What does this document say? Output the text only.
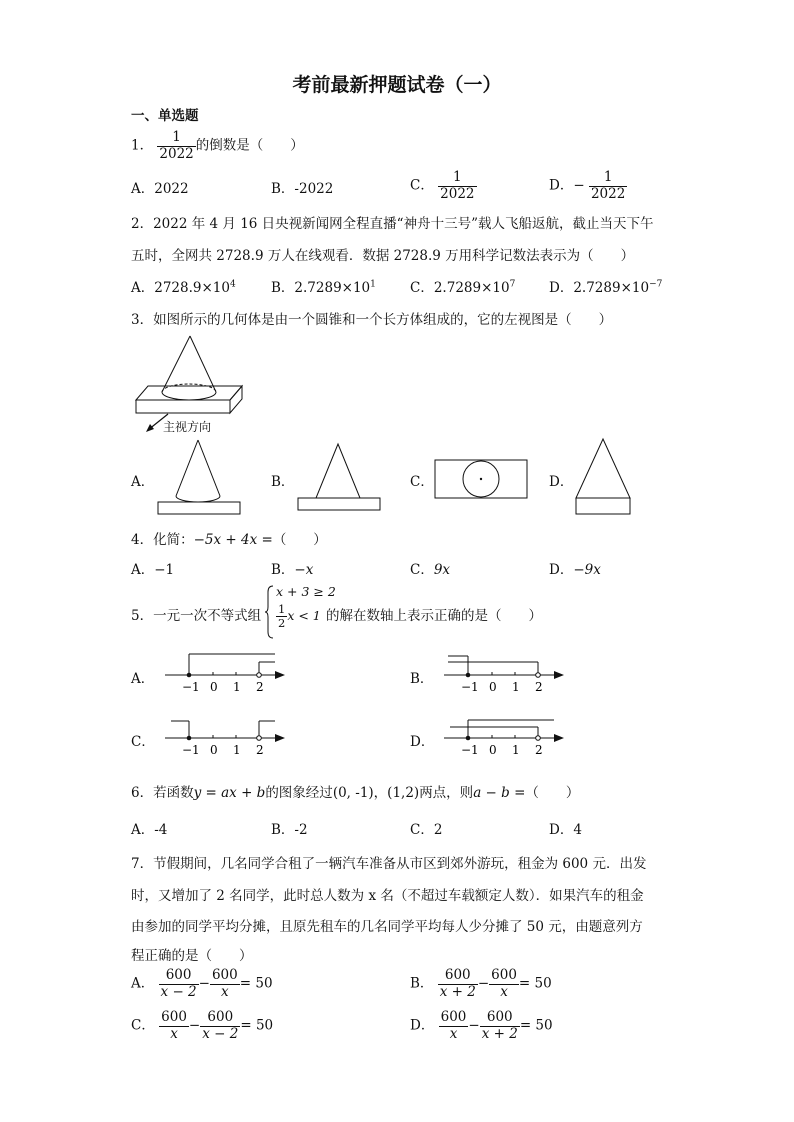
考前最新押题试卷（一）
一、单选题
1． $\frac{1}{2022}$ 的倒数是（　　）
A．2022	B．-2022	C． $\frac{1}{2022}$	D．− $\frac{1}{2022}$
2．2022 年 4 月 16 日央视新闻网全程直播“神舟十三号”载人飞船返航，截止当天下午
五时，全网共 2728.9 万人在线观看．数据 2728.9 万用科学记数法表示为（　　）
A．$2728.9\times 10^4$	B．$2.7289\times 10^1$	C．$2.7289\times 10^7$ D．$2.7289\times 10^{-7}$
3．如图所示的几何体是由一个圆锥和一个长方体组成的，它的左视图是（　　）
主视方向
A．	B．	C．	D．
4．化简：−5x + 4x =（　　）
A．−1	B．−x	C．9x	D．−9x
5．一元一次不等式组
x + 3 ≥ 2
$\frac{1}{2}$ x < 1 的解在数轴上表示正确的是（　　）
A．	B．
C．	D．
−1 0 1 2	−1 0 1 2
−1 0 1 2	−1 0 1 2
6．若函数y = ax + b的图象经过(0, -1)，(1,2)两点，则a − b =（　　）
A．-4	B．-2	C．2	D．4
7．节假期间，几名同学合租了一辆汽车准备从市区到郊外游玩，租金为 600 元．出发
时，又增加了 2 名同学，此时总人数为 x 名（不超过车载额定人数）．如果汽车的租金
由参加的同学平均分摊，且原先租车的几名同学平均每人少分摊了 50 元，由题意列方
程正确的是（　　）
A． $\frac{600}{x - 2} - \frac{600}{x} = 50$	B． $\frac{600}{x + 2} - \frac{600}{x} = 50$
C． $\frac{600}{x} - \frac{600}{x - 2} = 50$	D． $\frac{600}{x} - \frac{600}{x + 2} = 50$
